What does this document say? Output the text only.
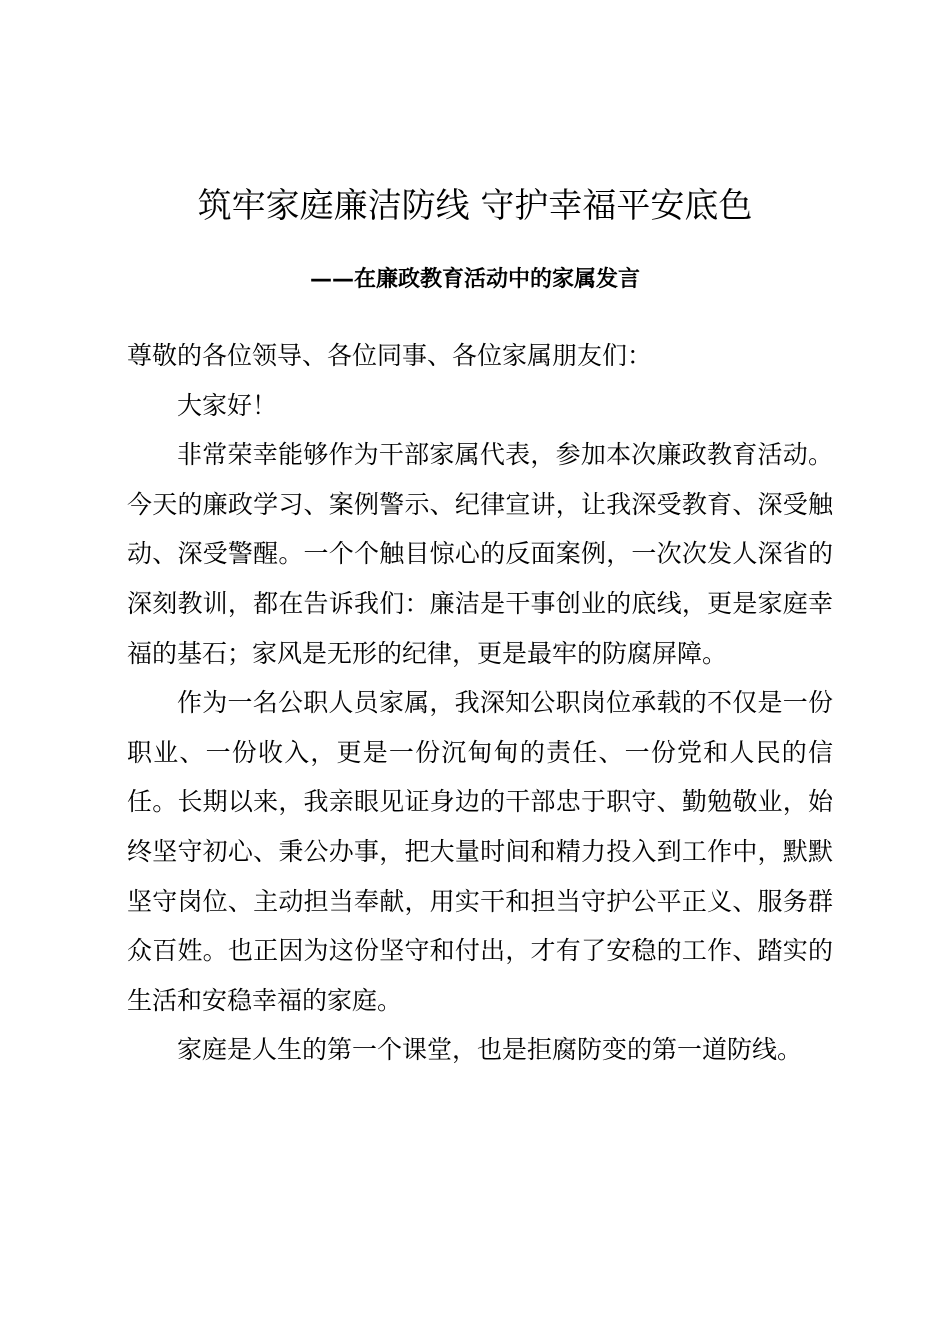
筑牢家庭廉洁防线 守护幸福平安底色
——在廉政教育活动中的家属发言

尊敬的各位领导、各位同事、各位家属朋友们：

大家好！

非常荣幸能够作为干部家属代表，参加本次廉政教育活动。今天的廉政学习、案例警示、纪律宣讲，让我深受教育、深受触动、深受警醒。一个个触目惊心的反面案例，一次次发人深省的深刻教训，都在告诉我们：廉洁是干事创业的底线，更是家庭幸福的基石；家风是无形的纪律，更是最牢的防腐屏障。

作为一名公职人员家属，我深知公职岗位承载的不仅是一份职业、一份收入，更是一份沉甸甸的责任、一份党和人民的信任。长期以来，我亲眼见证身边的干部忠于职守、勤勉敬业，始终坚守初心、秉公办事，把大量时间和精力投入到工作中，默默坚守岗位、主动担当奉献，用实干和担当守护公平正义、服务群众百姓。也正因为这份坚守和付出，才有了安稳的工作、踏实的生活和安稳幸福的家庭。

家庭是人生的第一个课堂，也是拒腐防变的第一道防线。
